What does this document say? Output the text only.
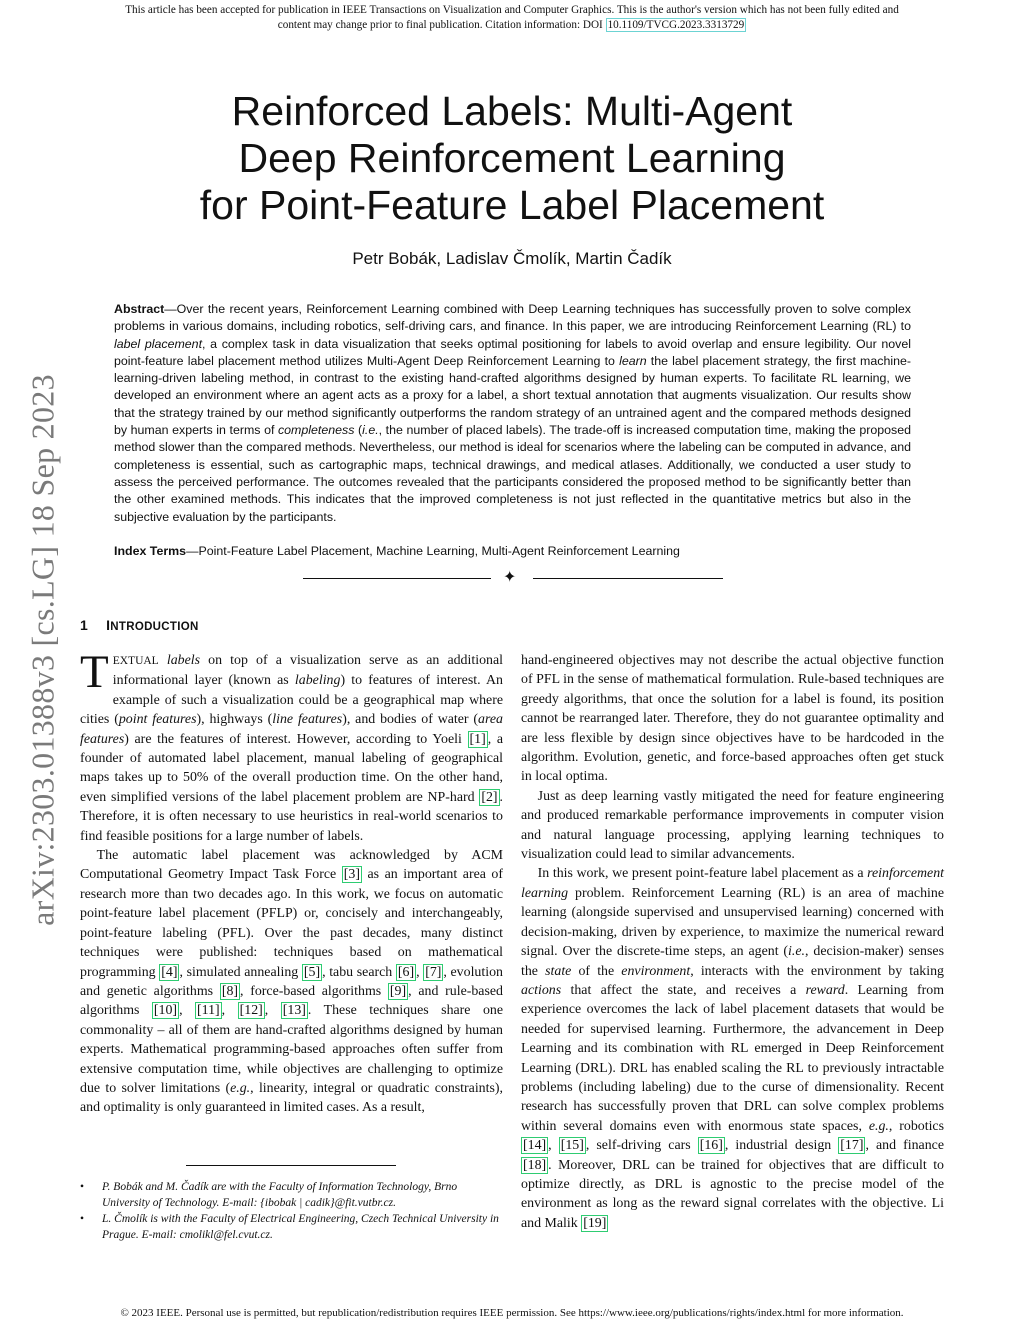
This article has been accepted for publication in IEEE Transactions on Visualization and Computer Graphics. This is the author's version which has not been fully edited and
content may change prior to final publication. Citation information: DOI 10.1109/TVCG.2023.3313729
arXiv:2303.01388v3 [cs.LG] 18 Sep 2023
Reinforced Labels: Multi-Agent
Deep Reinforcement Learning
for Point-Feature Label Placement
Petr Bobák, Ladislav Čmolík, Martin Čadík

Abstract—Over the recent years, Reinforcement Learning combined with Deep Learning techniques has successfully proven to solve complex problems in various domains, including robotics, self-driving cars, and finance. In this paper, we are introducing Reinforcement Learning (RL) to label placement, a complex task in data visualization that seeks optimal positioning for labels to avoid overlap and ensure legibility. Our novel point-feature label placement method utilizes Multi-Agent Deep Reinforcement Learning to learn the label placement strategy, the first machine-learning-driven labeling method, in contrast to the existing hand-crafted algorithms designed by human experts. To facilitate RL learning, we developed an environment where an agent acts as a proxy for a label, a short textual annotation that augments visualization. Our results show that the strategy trained by our method significantly outperforms the random strategy of an untrained agent and the compared methods designed by human experts in terms of completeness (i.e., the number of placed labels). The trade-off is increased computation time, making the proposed method slower than the compared methods. Nevertheless, our method is ideal for scenarios where the labeling can be computed in advance, and completeness is essential, such as cartographic maps, technical drawings, and medical atlases. Additionally, we conducted a user study to assess the perceived performance. The outcomes revealed that the participants considered the proposed method to be significantly better than the other examined methods. This indicates that the improved completeness is not just reflected in the quantitative metrics but also in the subjective evaluation by the participants.

Index Terms—Point-Feature Label Placement, Machine Learning, Multi-Agent Reinforcement Learning

✦
1 INTRODUCTION

TEXTUAL labels on top of a visualization serve as an additional informational layer (known as labeling) to features of interest. An example of such a visualization could be a geographical map where cities (point features), highways (line features), and bodies of water (area features) are the features of interest. However, according to Yoeli [1] , a founder of automated label placement, manual labeling of geographical maps takes up to 50% of the overall production time. On the other hand, even simplified versions of the label placement problem are NP-hard [2] . Therefore, it is often necessary to use heuristics in real-world scenarios to find feasible positions for a large number of labels.

The automatic label placement was acknowledged by ACM Computational Geometry Impact Task Force [3] as an important area of research more than two decades ago. In this work, we focus on automatic point-feature label placement (PFLP) or, concisely and interchangeably, point-feature labeling (PFL). Over the past decades, many distinct techniques were published: techniques based on mathematical programming [4] , simulated annealing [5] , tabu search [6] , [7] , evolution and genetic algorithms [8] , force-based algorithms [9] , and rule-based algorithms [10] , [11] , [12] , [13] . These techniques share one commonality – all of them are hand-crafted algorithms designed by human experts. Mathematical programming-based approaches often suffer from extensive computation time, while objectives are challenging to optimize due to solver limitations (e.g., linearity, integral or quadratic constraints), and optimality is only guaranteed in limited cases. As a result,

hand-engineered objectives may not describe the actual objective function of PFL in the sense of mathematical formulation. Rule-based techniques are greedy algorithms, that once the solution for a label is found, its position cannot be rearranged later. Therefore, they do not guarantee optimality and are less flexible by design since objectives have to be hardcoded in the algorithm. Evolution, genetic, and force-based approaches often get stuck in local optima.

Just as deep learning vastly mitigated the need for feature engineering and produced remarkable performance improvements in computer vision and natural language processing, applying learning techniques to visualization could lead to similar advancements.

In this work, we present point-feature label placement as a reinforcement learning problem. Reinforcement Learning (RL) is an area of machine learning (alongside supervised and unsupervised learning) concerned with decision-making, driven by experience, to maximize the numerical reward signal. Over the discrete-time steps, an agent (i.e., decision-maker) senses the state of the environment, interacts with the environment by taking actions that affect the state, and receives a reward. Learning from experience overcomes the lack of label placement datasets that would be needed for supervised learning. Furthermore, the advancement in Deep Learning and its combination with RL emerged in Deep Reinforcement Learning (DRL). DRL has enabled scaling the RL to previously intractable problems (including labeling) due to the curse of dimensionality. Recent research has successfully proven that DRL can solve complex problems within several domains even with enormous state spaces, e.g., robotics [14] , [15] , self-driving cars [16] , industrial design [17] , and finance [18] . Moreover, DRL can be trained for objectives that are difficult to optimize directly, as DRL is agnostic to the precise model of the environment as long as the reward signal correlates with the objective. Li and Malik [19]

• P. Bobák and M. Čadík are with the Faculty of Information Technology, Brno University of Technology. E-mail: {ibobak | cadik}@fit.vutbr.cz.
• L. Čmolík is with the Faculty of Electrical Engineering, Czech Technical University in Prague. E-mail: cmolikl@fel.cvut.cz.
© 2023 IEEE. Personal use is permitted, but republication/redistribution requires IEEE permission. See https://www.ieee.org/publications/rights/index.html for more information.
